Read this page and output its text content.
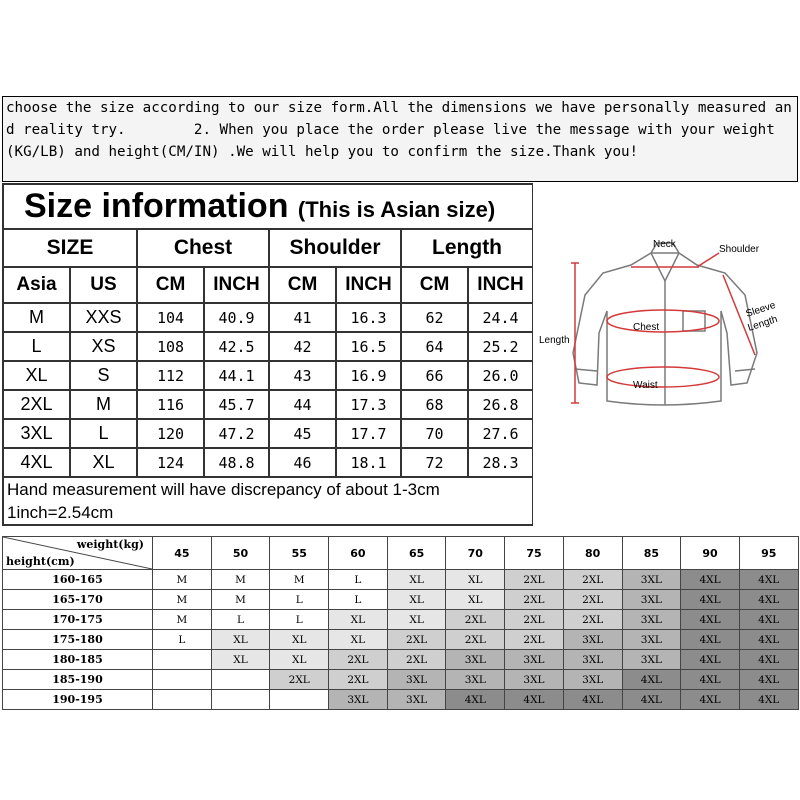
choose the size according to our size form.All the dimensions we have personally measured and reality try.        2. When you place the order please live the message with your weight (KG/LB) and height(CM/IN) .We will help you to confirm the size.Thank you!
Size information (This is Asian size)							
SIZE		Chest		Shoulder		Length	
Asia	US	CM	INCH	CM	INCH	CM	INCH
M	XXS	104	40.9	41	16.3	62	24.4
L	XS	108	42.5	42	16.5	64	25.2
XL	S	112	44.1	43	16.9	66	26.0
2XL	M	116	45.7	44	17.3	68	26.8
3XL	L	120	47.2	45	17.7	70	27.6
4XL	XL	124	48.8	46	18.1	72	28.3
Hand measurement will have discrepancy of about 1-3cm							
1inch=2.54cm							
Neck	Shoulder
Sleeve
Length
Length
Chest
Waist
weight(kg)
height(cm)	45	50	55	60	65	70	75	80	85	90	95
160-165	M	M	M	L	XL	XL	2XL	2XL	3XL	4XL	4XL
165-170	M	M	L	L	XL	XL	2XL	2XL	3XL	4XL	4XL
170-175	M	L	L	XL	XL	2XL	2XL	2XL	3XL	4XL	4XL
175-180	L	XL	XL	XL	2XL	2XL	2XL	3XL	3XL	4XL	4XL
180-185		XL	XL	2XL	2XL	3XL	3XL	3XL	3XL	4XL	4XL
185-190			2XL	2XL	3XL	3XL	3XL	3XL	4XL	4XL	4XL
190-195				3XL	3XL	4XL	4XL	4XL	4XL	4XL	4XL
